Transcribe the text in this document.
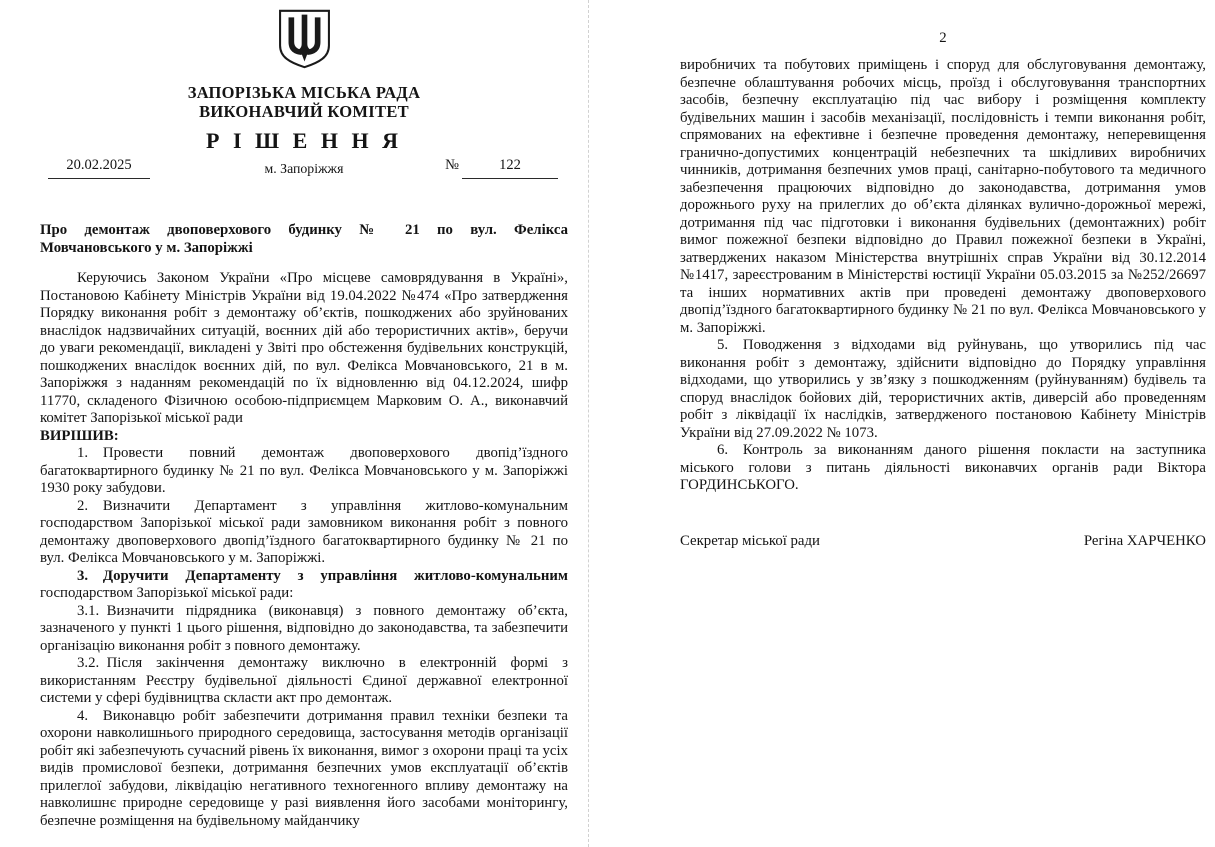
ЗАПОРІЗЬКА МІСЬКА РАДА
ВИКОНАВЧИЙ КОМІТЕТ
Р І Ш Е Н Н Я
20.02.2025	м. Запоріжжя	№	122
Про демонтаж двоповерхового будинку № 21 по вул. Фелікса
Мовчановського у м. Запоріжжі

Керуючись Законом України «Про місцеве самоврядування в Україні», Постановою Кабінету Міністрів України від 19.04.2022 №474 «Про затвердження Порядку виконання робіт з демонтажу об’єктів, пошкоджених або зруйнованих внаслідок надзвичайних ситуацій, воєнних дій або терористичних актів», беручи до уваги рекомендації, викладені у Звіті про обстеження будівельних конструкцій, пошкоджених внаслідок воєнних дій, по вул. Фелікса Мовчановського, 21 в м. Запоріжжя з наданням рекомендацій по їх відновленню від 04.12.2024, шифр 11770, складеного Фізичною особою-підприємцем Марковим О. А., виконавчий комітет Запорізької міської ради

ВИРІШИВ:

1.  Провести повний демонтаж двоповерхового двопід’їздного багатоквартирного будинку № 21 по вул. Фелікса Мовчановського у м. Запоріжжі 1930 року забудови.

2.  Визначити Департамент з управління житлово-комунальним господарством Запорізької міської ради замовником виконання робіт з повного демонтажу двоповерхового двопід’їздного багатоквартирного будинку № 21 по вул. Фелікса Мовчановського у м. Запоріжжі.

3.  Доручити Департаменту з управління житлово-комунальним господарством Запорізької міської ради:

3.1. Визначити підрядника (виконавця) з повного демонтажу об’єкта, зазначеного у пункті 1 цього рішення, відповідно до законодавства, та забезпечити організацію виконання робіт з повного демонтажу.

3.2. Після закінчення демонтажу виключно в електронній формі з використанням Реєстру будівельної діяльності Єдиної державної електронної системи у сфері будівництва скласти акт про демонтаж.

4.  Виконавцю робіт забезпечити дотримання правил техніки безпеки та охорони навколишнього природного середовища, застосування методів організації робіт які забезпечують сучасний рівень їх виконання, вимог з охорони праці та усіх видів промислової безпеки, дотримання безпечних умов експлуатації об’єктів прилеглої забудови, ліквідацію негативного техногенного впливу демонтажу на навколишнє природне середовище у разі виявлення його засобами моніторингу, безпечне розміщення на будівельному майданчику

2

виробничих та побутових приміщень і споруд для обслуговування демонтажу, безпечне облаштування робочих місць, проїзд і обслуговування транспортних засобів, безпечну експлуатацію під час вибору і розміщення комплекту будівельних машин і засобів механізації, послідовність і темпи виконання робіт, спрямованих на ефективне і безпечне проведення демонтажу, неперевищення гранично-допустимих концентрацій небезпечних та шкідливих виробничих чинників, дотримання безпечних умов праці, санітарно-побутового та медичного забезпечення працюючих відповідно до законодавства, дотримання умов дорожнього руху на прилеглих до об’єкта ділянках вулично-дорожньої мережі, дотримання під час підготовки і виконання будівельних (демонтажних) робіт вимог пожежної безпеки відповідно до Правил пожежної безпеки в Україні, затверджених наказом Міністерства внутрішніх справ України від 30.12.2014 №1417, зареєстрованим в Міністерстві юстиції України 05.03.2015 за №252/26697 та інших нормативних актів при проведені демонтажу двоповерхового двопід’їздного багатоквартирного будинку № 21 по вул. Фелікса Мовчановського у м. Запоріжжі.

5.  Поводження з відходами від руйнувань, що утворились під час виконання робіт з демонтажу, здійснити відповідно до Порядку управління відходами, що утворились у зв’язку з пошкодженням (руйнуванням) будівель та споруд внаслідок бойових дій, терористичних актів, диверсій або проведенням робіт з ліквідації їх наслідків, затвердженого постановою Кабінету Міністрів України від 27.09.2022 № 1073.

6.  Контроль за виконанням даного рішення покласти на заступника міського голови з питань діяльності виконавчих органів ради Віктора ГОРДИНСЬКОГО.

Секретар міської ради	Регіна ХАРЧЕНКО
